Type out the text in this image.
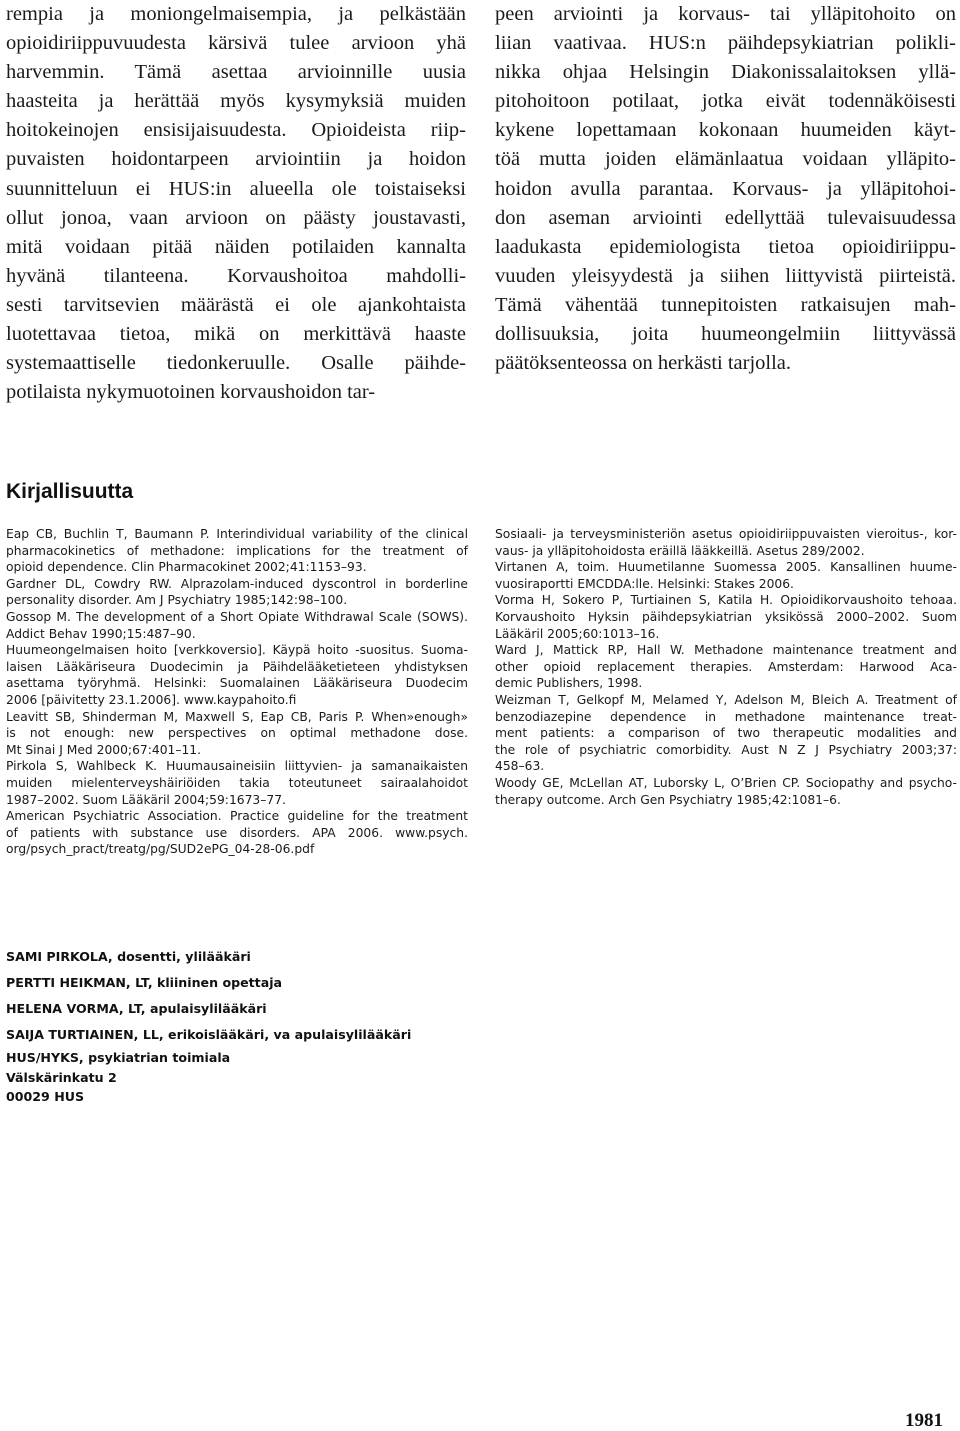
rempia ja moniongelmaisempia, ja pelkästään
opioidiriippuvuudesta kärsivä tulee arvioon yhä
harvemmin. Tämä asettaa arvioinnille uusia
haasteita ja herättää myös kysymyksiä muiden
hoitokeinojen ensisijaisuudesta. Opioideista riip-
puvaisten hoidontarpeen arviointiin ja hoidon
suunnitteluun ei HUS:in alueella ole toistaiseksi
ollut jonoa, vaan arvioon on päästy joustavasti,
mitä voidaan pitää näiden potilaiden kannalta
hyvänä tilanteena. Korvaushoitoa mahdolli-
sesti tarvitsevien määrästä ei ole ajankohtaista
luotettavaa tietoa, mikä on merkittävä haaste
systemaattiselle tiedonkeruulle. Osalle päihde-
potilaista nykymuotoinen korvaushoidon tar-
peen arviointi ja korvaus- tai ylläpitohoito on
liian vaativaa. HUS:n päihdepsykiatrian polikli-
nikka ohjaa Helsingin Diakonissalaitoksen yllä-
pitohoitoon potilaat, jotka eivät todennäköisesti
kykene lopettamaan kokonaan huumeiden käyt-
töä mutta joiden elämänlaatua voidaan ylläpito-
hoidon avulla parantaa. Korvaus- ja ylläpitohoi-
don aseman arviointi edellyttää tulevaisuudessa
laadukasta epidemiologista tietoa opioidiriippu-
vuuden yleisyydestä ja siihen liittyvistä piirteistä.
Tämä vähentää tunnepitoisten ratkaisujen mah-
dollisuuksia, joita huumeongelmiin liittyvässä
päätöksenteossa on herkästi tarjolla.
Kirjallisuutta
Eap CB, Buchlin T, Baumann P. Interindividual variability of the clinical
pharmacokinetics of methadone: implications for the treatment of
opioid dependence. Clin Pharmacokinet 2002;41:1153–93.
Gardner DL, Cowdry RW. Alprazolam-induced dyscontrol in borderline
personality disorder. Am J Psychiatry 1985;142:98–100.
Gossop M. The development of a Short Opiate Withdrawal Scale (SOWS).
Addict Behav 1990;15:487–90.
Huumeongelmaisen hoito [verkkoversio]. Käypä hoito -suositus. Suoma-
laisen Lääkäriseura Duodecimin ja Päihdelääketieteen yhdistyksen
asettama työryhmä. Helsinki: Suomalainen Lääkäriseura Duodecim
2006 [päivitetty 23.1.2006]. www.kaypahoito.fi
Leavitt SB, Shinderman M, Maxwell S, Eap CB, Paris P. When»enough»
is not enough: new perspectives on optimal methadone dose.
Mt Sinai J Med 2000;67:401–11.
Pirkola S, Wahlbeck K. Huumausaineisiin liittyvien- ja samanaikaisten
muiden mielenterveyshäiriöiden takia toteutuneet sairaalahoidot
1987–2002. Suom Lääkäril 2004;59:1673–77.
American Psychiatric Association. Practice guideline for the treatment
of patients with substance use disorders. APA 2006. www.psych.
org/psych_pract/treatg/pg/SUD2ePG_04-28-06.pdf
Sosiaali- ja terveysministeriön asetus opioidiriippuvaisten vieroitus-, kor-
vaus- ja ylläpitohoidosta eräillä lääkkeillä. Asetus 289/2002.
Virtanen A, toim. Huumetilanne Suomessa 2005. Kansallinen huume-
vuosiraportti EMCDDA:lle. Helsinki: Stakes 2006.
Vorma H, Sokero P, Turtiainen S, Katila H. Opioidikorvaushoito tehoaa.
Korvaushoito Hyksin päihdepsykiatrian yksikössä 2000–2002. Suom
Lääkäril 2005;60:1013–16.
Ward J, Mattick RP, Hall W. Methadone maintenance treatment and
other opioid replacement therapies. Amsterdam: Harwood Aca-
demic Publishers, 1998.
Weizman T, Gelkopf M, Melamed Y, Adelson M, Bleich A. Treatment of
benzodiazepine dependence in methadone maintenance treat-
ment patients: a comparison of two therapeutic modalities and
the role of psychiatric comorbidity. Aust N Z J Psychiatry 2003;37:
458–63.
Woody GE, McLellan AT, Luborsky L, O’Brien CP. Sociopathy and psycho-
therapy outcome. Arch Gen Psychiatry 1985;42:1081–6.
SAMI PIRKOLA, dosentti, ylilääkäri
PERTTI HEIKMAN, LT, kliininen opettaja
HELENA VORMA, LT, apulaisylilääkäri
SAIJA TURTIAINEN, LL, erikoislääkäri, va apulaisylilääkäri
HUS/HYKS, psykiatrian toimiala
Välskärinkatu 2
00029 HUS
1981
